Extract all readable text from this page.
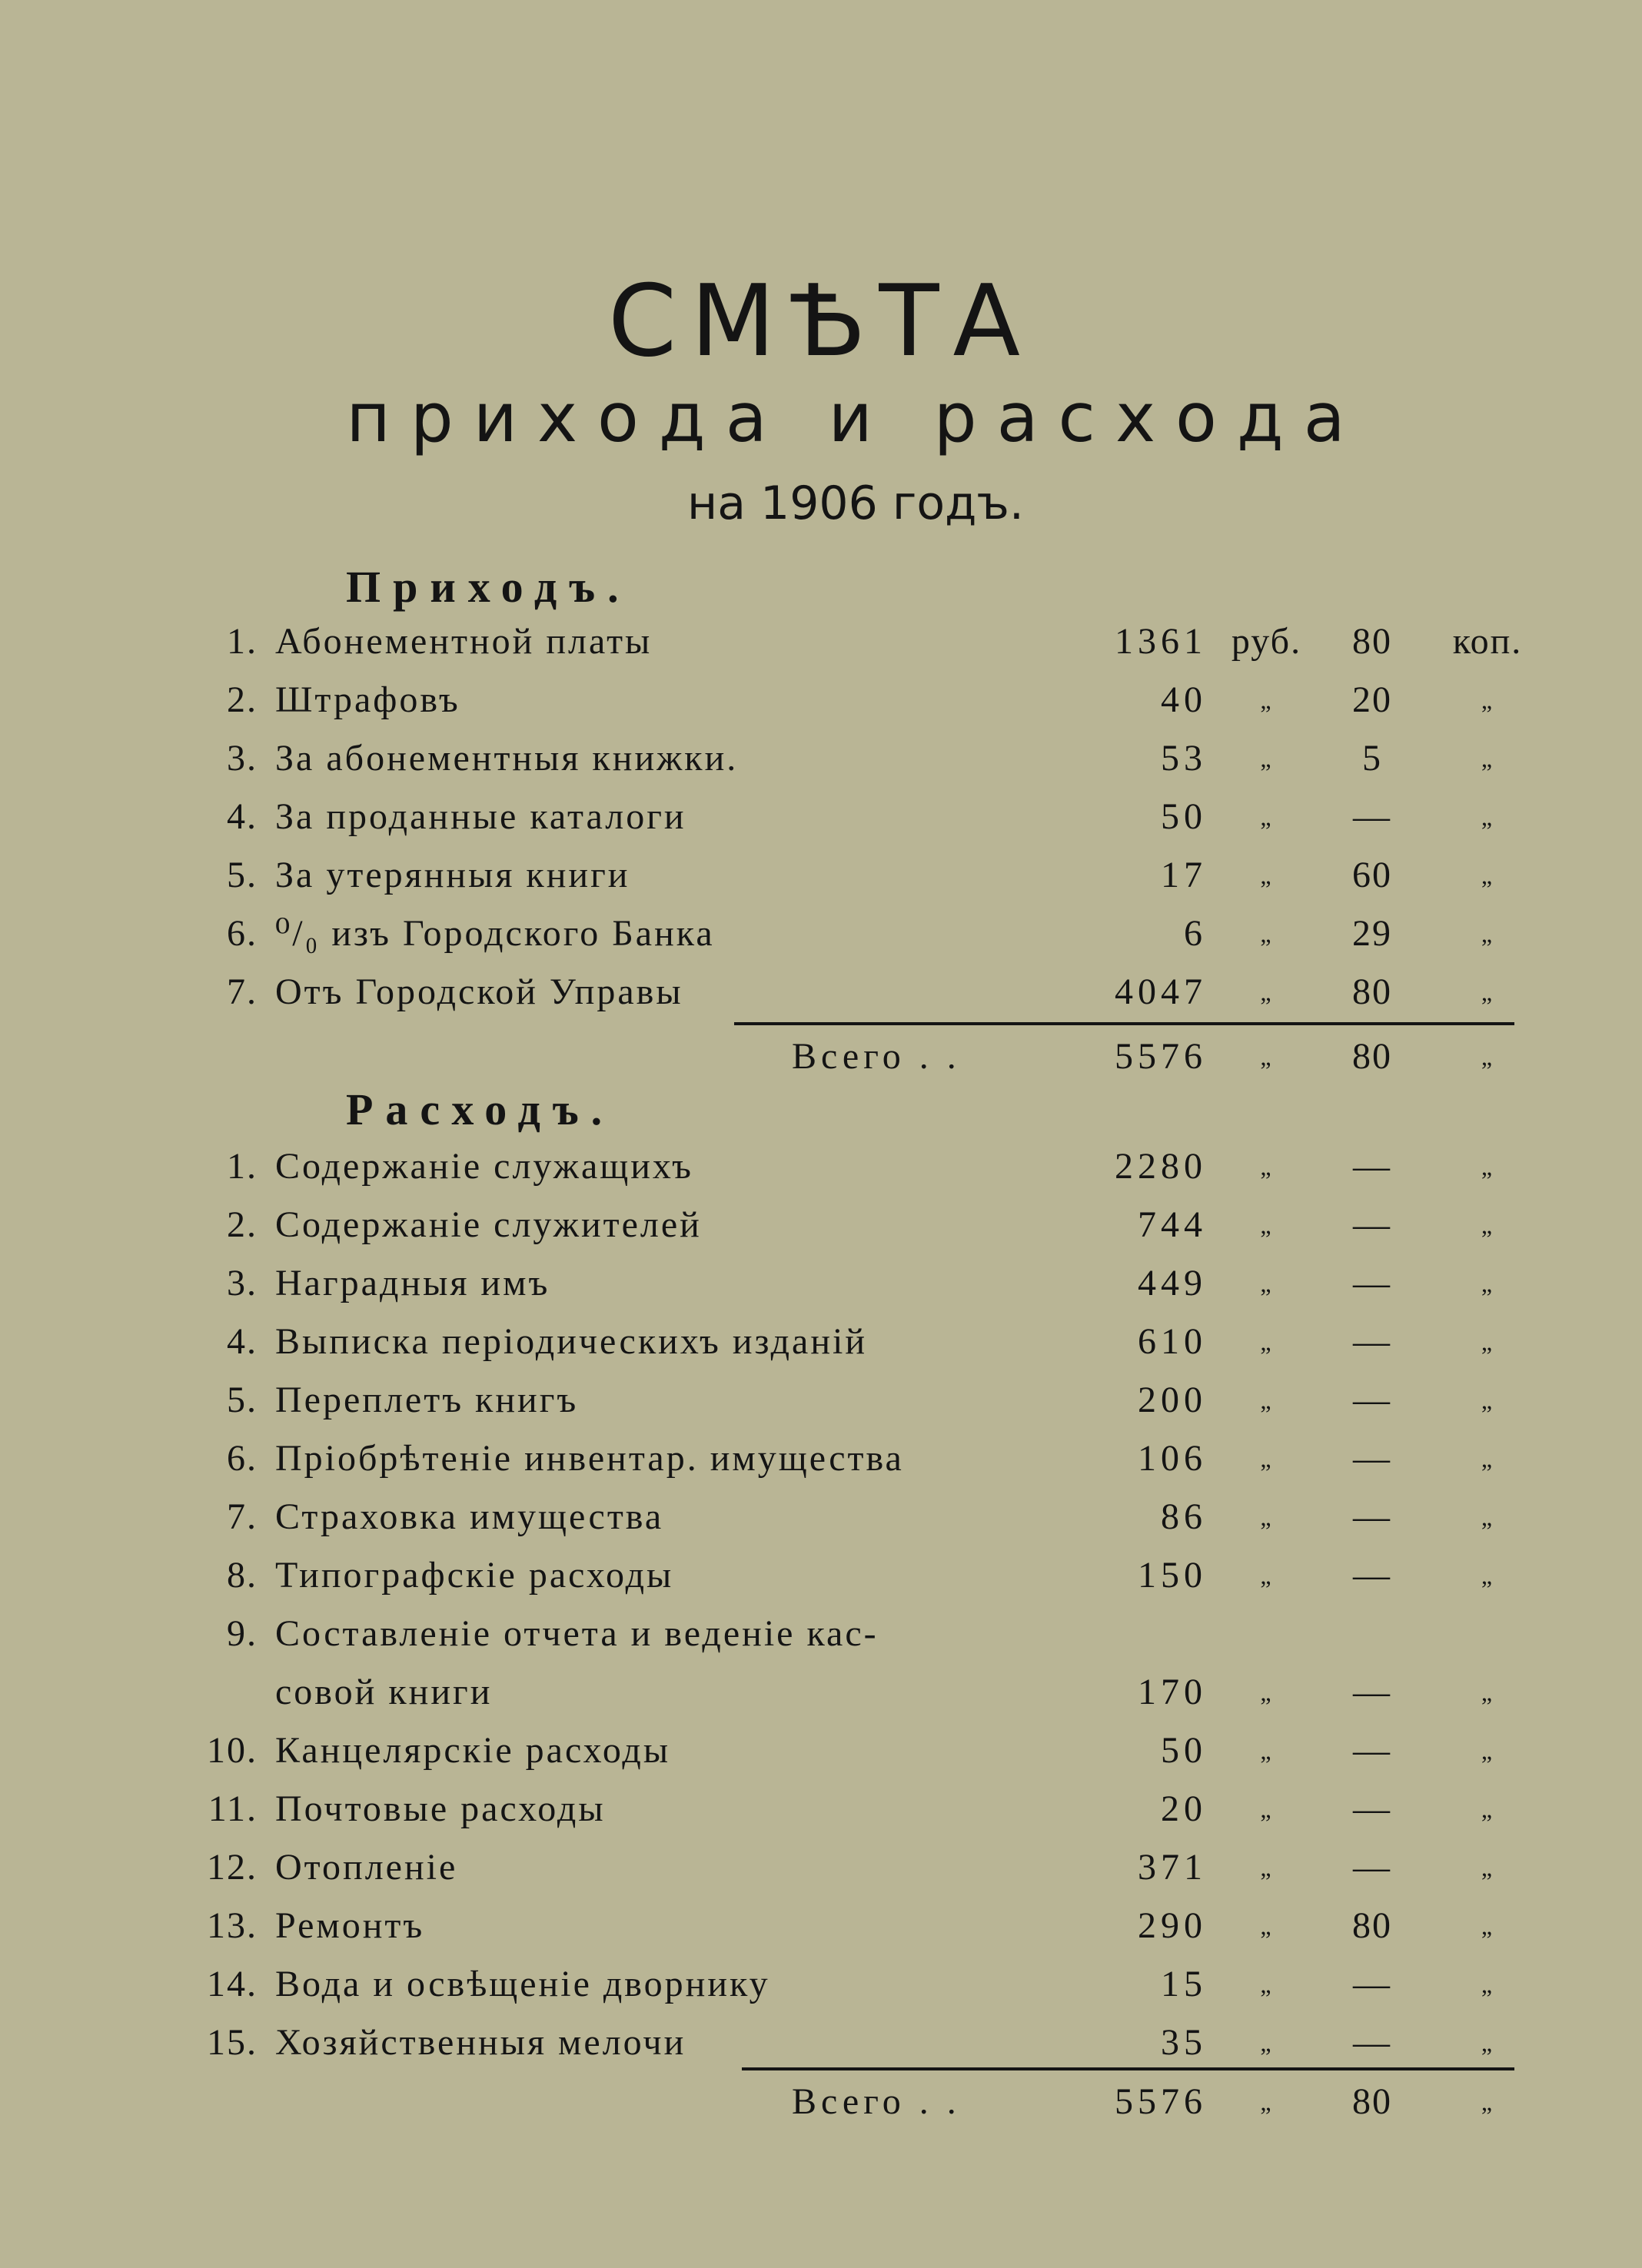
СМѢТА
прихода и расхода
на 1906 годъ.
Приходъ.
1. Абонементной платы	1361 руб.	80	коп.
2. Штрафовъ	40	„	20	„
3. За абонементныя книжки.	53	„	5	„
4. За проданные каталоги	50	„	—	„
5. За утерянныя книги	17	„	60	„
6. ⁰/₀ изъ Городского Банка	6	„	29	„
7. Отъ Городской Управы	4047	„	80	„
Всего . .	5576	„	80	„
Расходъ.
1. Содержаніе служащихъ	2280	„	—	„
2. Содержаніе служителей	744	„	—	„
3. Наградныя имъ	449	„	—	„
4. Выписка періодическихъ изданій	610	„	—	„
5. Переплетъ книгъ	200	„	—	„
6. Пріобрѣтеніе инвентар. имущества	106	„	—	„
7. Страховка имущества	86	„	—	„
8. Типографскіе расходы	150	„	—	„
9. Составленіе отчета и веденіе кас-
совой книги	170	„	—	„
10. Канцелярскіе расходы	50	„	—	„
11. Почтовые расходы	20	„	—	„
12. Отопленіе	371	„	—	„
13. Ремонтъ	290	„	80	„
14. Вода и освѣщеніе дворнику	15	„	—	„
15. Хозяйственныя мелочи	35	„	—	„
Всего . .	5576	„	80	„
